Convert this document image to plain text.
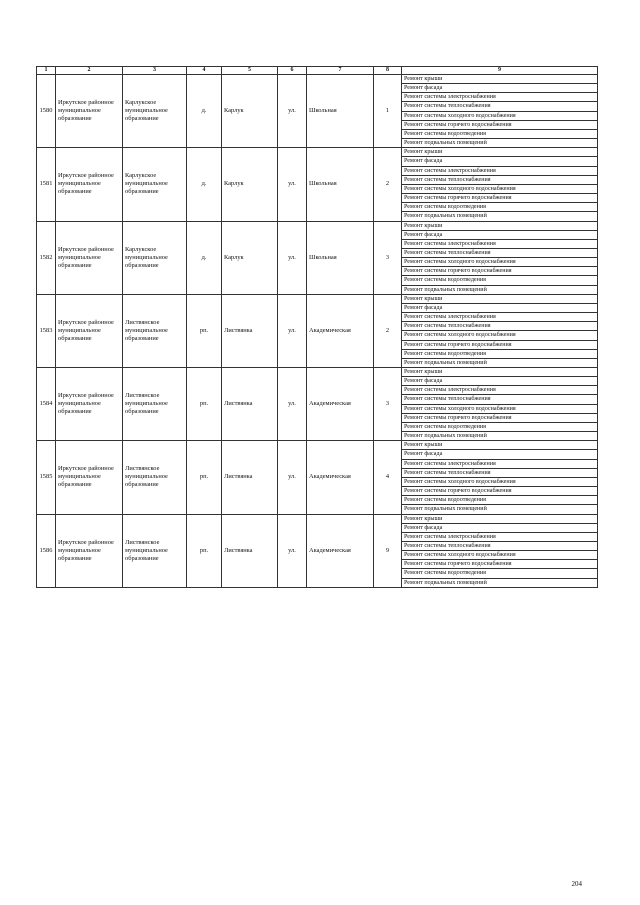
1	2	3	4	5	6	7	8	9
1580	Иркутское районное муниципальное образование	Карлукское муниципальное образование	д.	Карлук	ул.	Школьная	1	Ремонт крыши
								Ремонт фасада
								Ремонт системы электроснабжения
								Ремонт системы теплоснабжения
								Ремонт системы холодного водоснабжения
								Ремонт системы горячего водоснабжения
								Ремонт системы водоотведения
								Ремонт подвальных помещений
1581	Иркутское районное муниципальное образование	Карлукское муниципальное образование	д.	Карлук	ул.	Школьная	2	Ремонт крыши
								Ремонт фасада
								Ремонт системы электроснабжения
								Ремонт системы теплоснабжения
								Ремонт системы холодного водоснабжения
								Ремонт системы горячего водоснабжения
								Ремонт системы водоотведения
								Ремонт подвальных помещений
1582	Иркутское районное муниципальное образование	Карлукское муниципальное образование	д.	Карлук	ул.	Школьная	3	Ремонт крыши
								Ремонт фасада
								Ремонт системы электроснабжения
								Ремонт системы теплоснабжения
								Ремонт системы холодного водоснабжения
								Ремонт системы горячего водоснабжения
								Ремонт системы водоотведения
								Ремонт подвальных помещений
1583	Иркутское районное муниципальное образование	Листвянское муниципальное образование	рп.	Листвянка	ул.	Академическая	2	Ремонт крыши
								Ремонт фасада
								Ремонт системы электроснабжения
								Ремонт системы теплоснабжения
								Ремонт системы холодного водоснабжения
								Ремонт системы горячего водоснабжения
								Ремонт системы водоотведения
								Ремонт подвальных помещений
1584	Иркутское районное муниципальное образование	Листвянское муниципальное образование	рп.	Листвянка	ул.	Академическая	3	Ремонт крыши
								Ремонт фасада
								Ремонт системы электроснабжения
								Ремонт системы теплоснабжения
								Ремонт системы холодного водоснабжения
								Ремонт системы горячего водоснабжения
								Ремонт системы водоотведения
								Ремонт подвальных помещений
1585	Иркутское районное муниципальное образование	Листвянское муниципальное образование	рп.	Листвянка	ул.	Академическая	4	Ремонт крыши
								Ремонт фасада
								Ремонт системы электроснабжения
								Ремонт системы теплоснабжения
								Ремонт системы холодного водоснабжения
								Ремонт системы горячего водоснабжения
								Ремонт системы водоотведения
								Ремонт подвальных помещений
1586	Иркутское районное муниципальное образование	Листвянское муниципальное образование	рп.	Листвянка	ул.	Академическая	9	Ремонт крыши
								Ремонт фасада
								Ремонт системы электроснабжения
								Ремонт системы теплоснабжения
								Ремонт системы холодного водоснабжения
								Ремонт системы горячего водоснабжения
								Ремонт системы водоотведения
								Ремонт подвальных помещений
204
